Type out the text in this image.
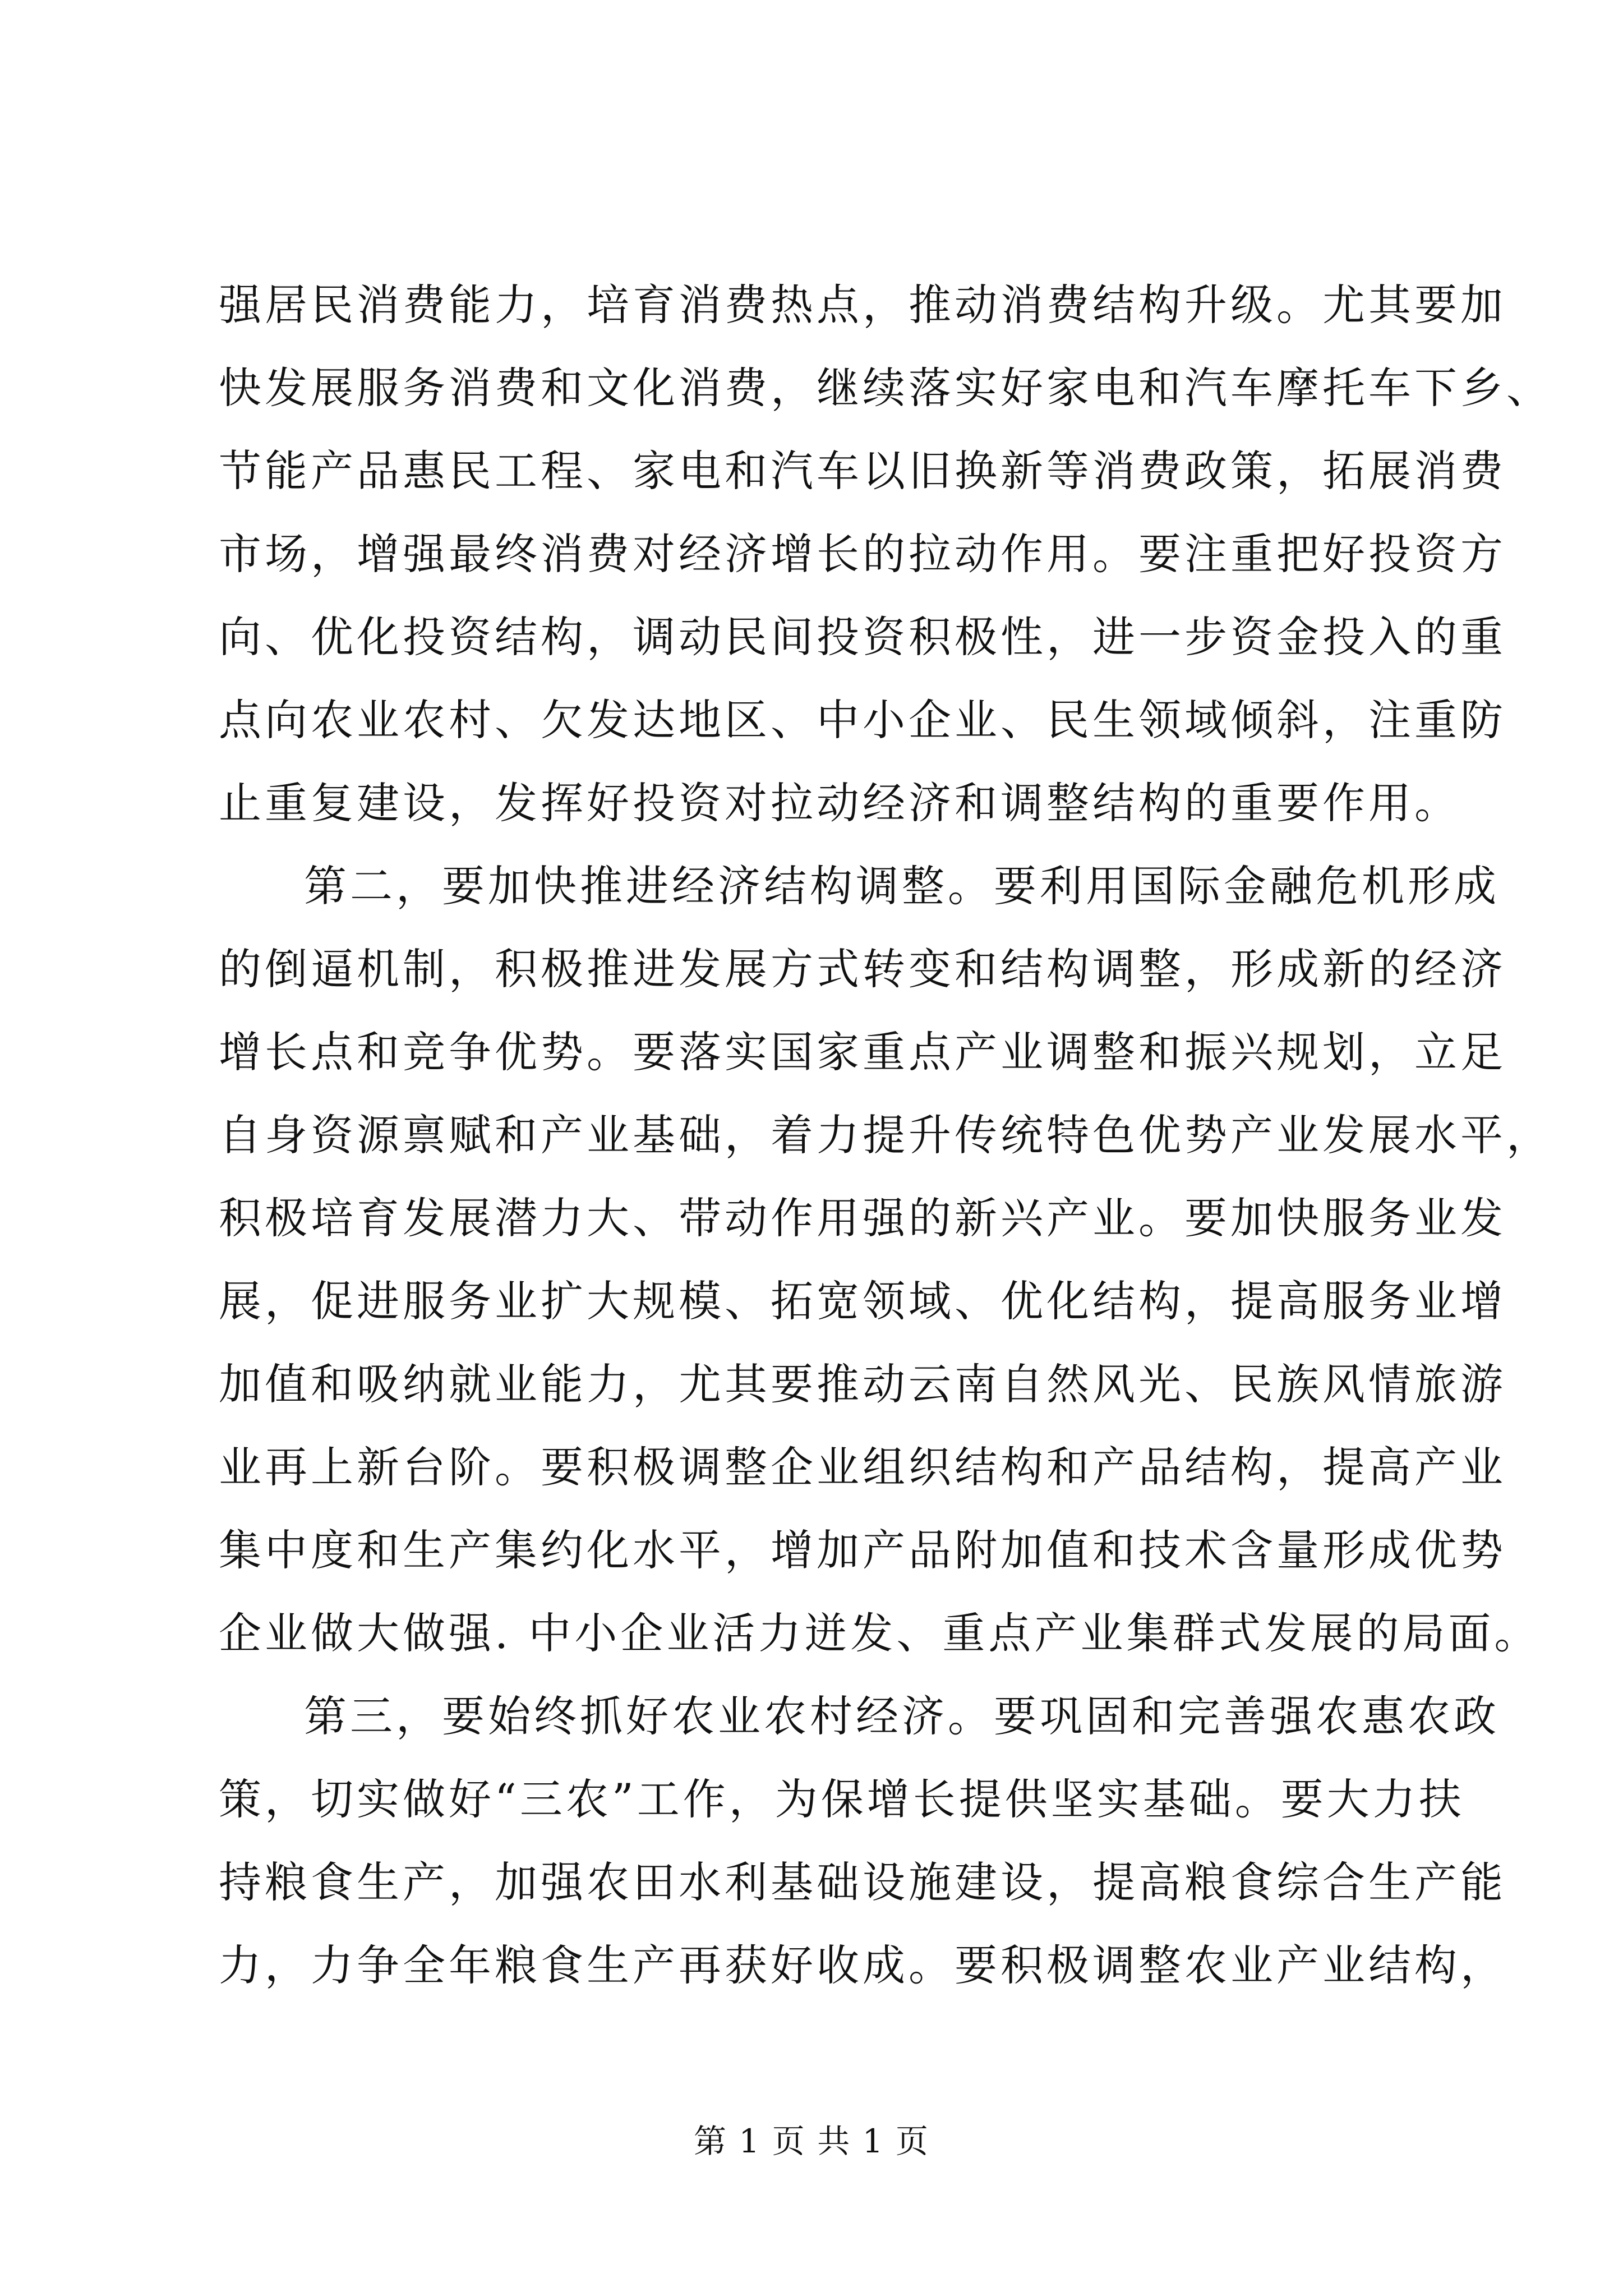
强居民消费能力，培育消费热点，推动消费结构升级。尤其要加
快发展服务消费和文化消费，继续落实好家电和汽车摩托车下乡、
节能产品惠民工程、家电和汽车以旧换新等消费政策，拓展消费
市场，增强最终消费对经济增长的拉动作用。要注重把好投资方
向、优化投资结构，调动民间投资积极性，进一步资金投入的重
点向农业农村、欠发达地区、中小企业、民生领域倾斜，注重防
止重复建设，发挥好投资对拉动经济和调整结构的重要作用。
第二，要加快推进经济结构调整。要利用国际金融危机形成
的倒逼机制，积极推进发展方式转变和结构调整，形成新的经济
增长点和竞争优势。要落实国家重点产业调整和振兴规划，立足
自身资源禀赋和产业基础，着力提升传统特色优势产业发展水平，
积极培育发展潜力大、带动作用强的新兴产业。要加快服务业发
展，促进服务业扩大规模、拓宽领域、优化结构，提高服务业增
加值和吸纳就业能力，尤其要推动云南自然风光、民族风情旅游
业再上新台阶。要积极调整企业组织结构和产品结构，提高产业
集中度和生产集约化水平，增加产品附加值和技术含量形成优势
企业做大做强. 中小企业活力迸发、重点产业集群式发展的局面。
第三，要始终抓好农业农村经济。要巩固和完善强农惠农政
策，切实做好“三农”工作，为保增长提供坚实基础。要大力扶
持粮食生产，加强农田水利基础设施建设，提高粮食综合生产能
力，力争全年粮食生产再获好收成。要积极调整农业产业结构，
第 1 页 共 1 页
